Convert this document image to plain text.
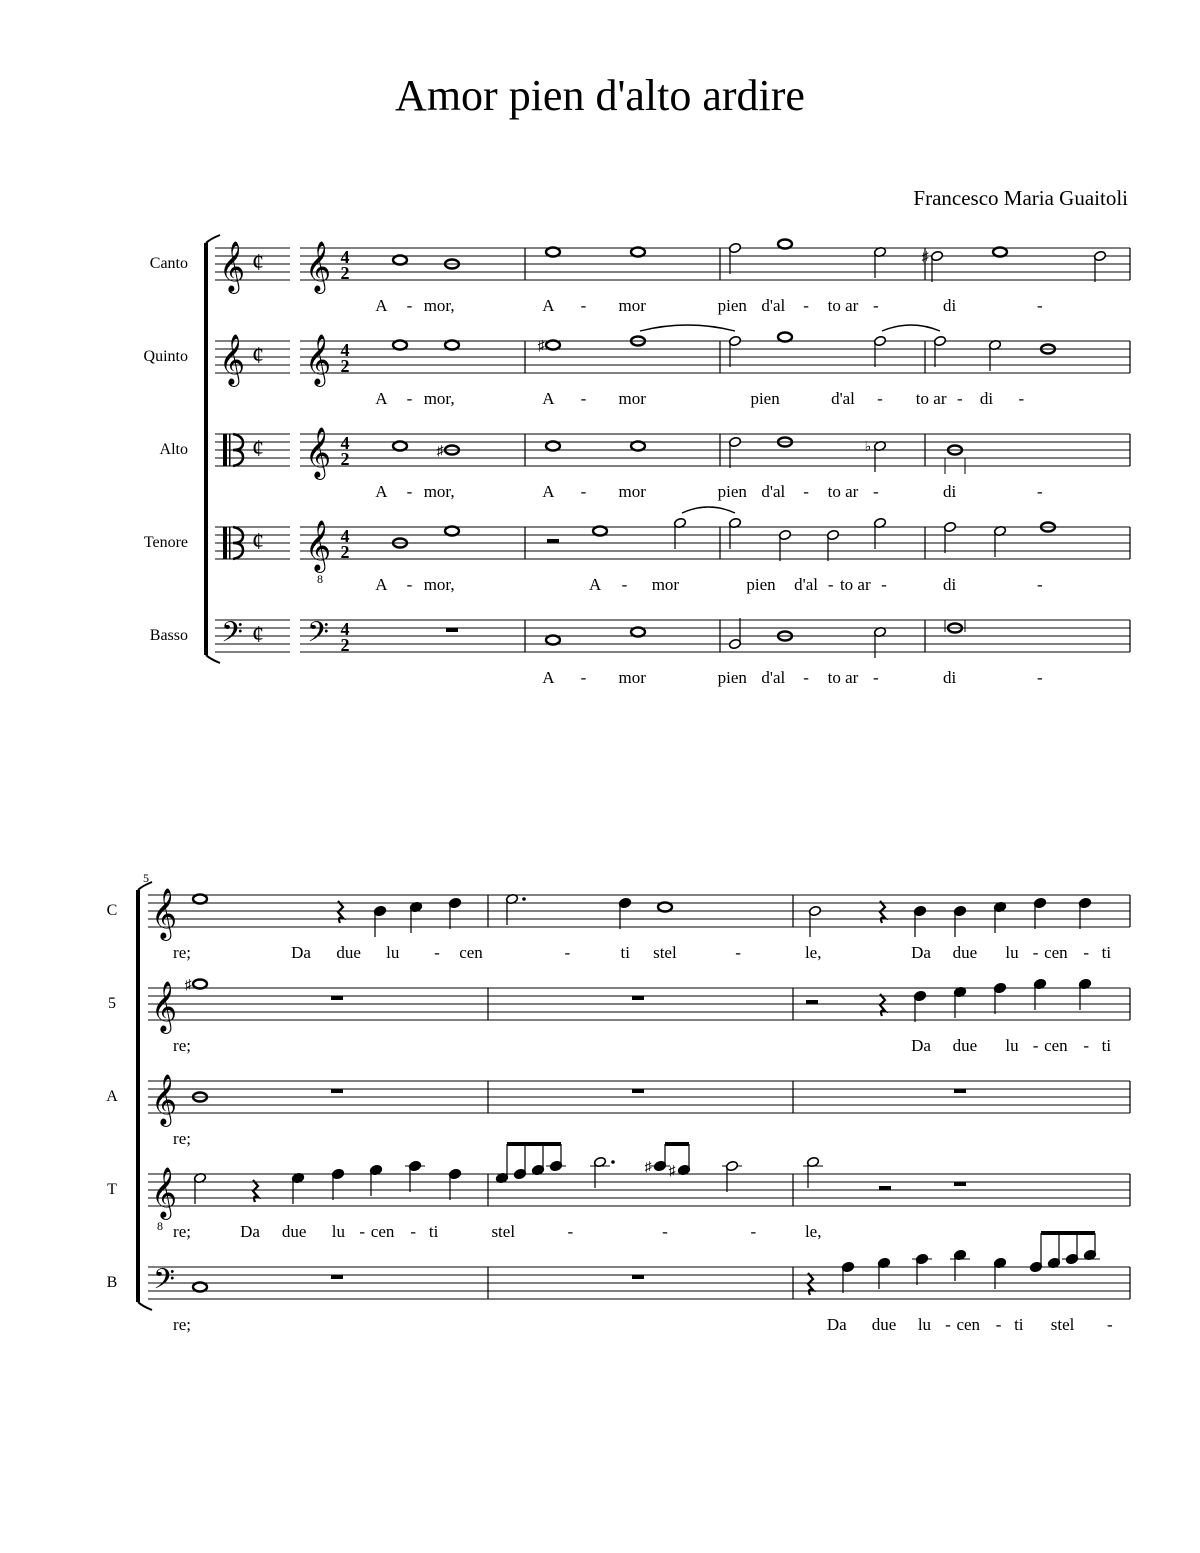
Amor pien d'alto ardire
Francesco Maria Guaitoli
Canto 𝄞 ¢ 𝄞 4
2
A - mor,	A - mor	pien d'al - to ar -	di	-
Quinto 𝄞 ¢ 𝄞 4
2
A - mor,	A - mor	pien	d'al - to ar - di -
Alto	¢ 𝄞 4
2
A - mor,	A - mor	pien d'al - to ar -	di	-
Tenore	¢ 𝄞
8
4
2
A - mor,	A - mor	pien d'al - to ar -	di	-
Basso 𝄢 ¢ 𝄢 4
2
A - mor	pien d'al - to ar -	di	-
♯
♯
♯	♭
5
C 𝄞
re;	Da due lu - cen	-	ti stel	-	le,	Da due lu - cen - ti
5 𝄞
re;	Da due lu - cen - ti
A 𝄞
re;
T 𝄞
8 re;	Da due lu - cen - ti	stel	-	-	-	le,
B 𝄢
re;	Da due lu - cen - ti stel -
♯
♯ ♯
